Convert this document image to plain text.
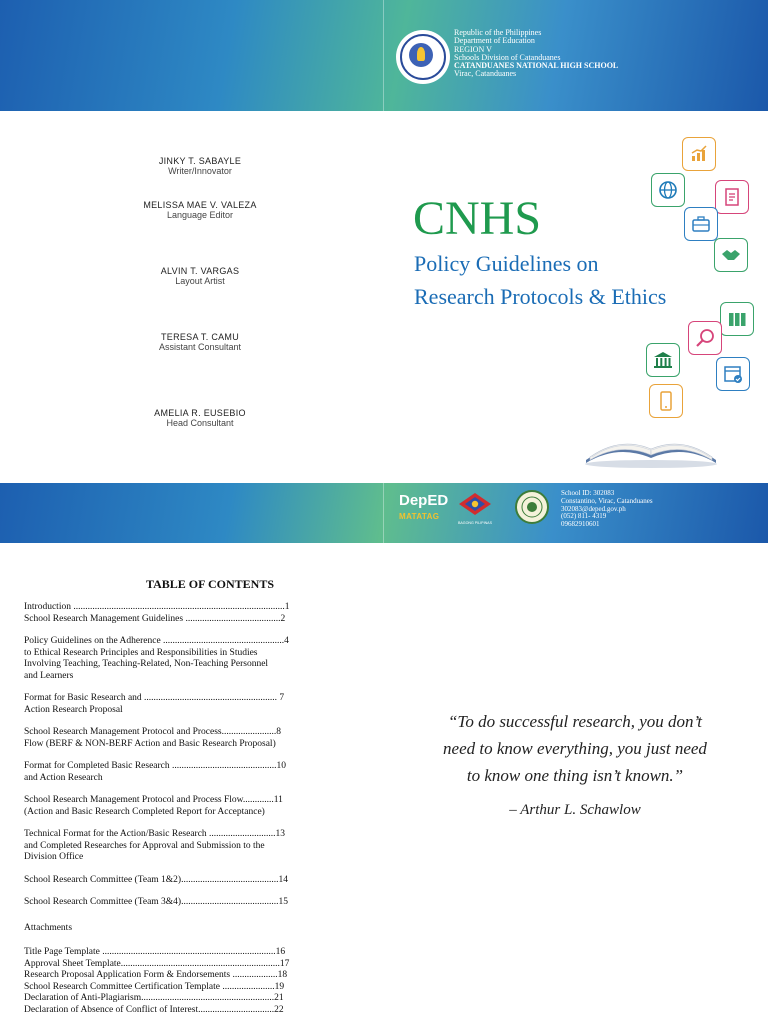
Republic of the Philippines
Department of Education
REGION V
Schools Division of Catanduanes
CATANDUANES NATIONAL HIGH SCHOOL
Virac, Catanduanes
JINKY T. SABAYLE
Writer/Innovator
MELISSA MAE V. VALEZA
Language Editor
ALVIN T. VARGAS
Layout Artist
TERESA T. CAMU
Assistant Consultant
AMELIA R. EUSEBIO
Head Consultant
CNHS
Policy Guidelines on
Research Protocols & Ethics
DepED
MATATAG
BAGONG PILIPINAS
School ID: 302083
Constantino, Virac, Catanduanes
302083@deped.gov.ph
(052) 811- 4319
09682910601
TABLE OF CONTENTS
Introduction .........................................................................................1
School Research Management Guidelines ........................................2
Policy Guidelines on the Adherence ...................................................4
to Ethical Research Principles and Responsibilities in Studies
Involving Teaching, Teaching-Related, Non-Teaching Personnel
and Learners
Format for Basic Research and ........................................................ 7
Action Research Proposal
School Research Management Protocol and Process.......................8
Flow (BERF & NON-BERF Action and Basic Research Proposal)
Format for Completed Basic Research ............................................10
and Action Research
School Research Management Protocol and Process Flow.............11
(Action and Basic Research Completed Report for Acceptance)
Technical Format for the Action/Basic Research ............................13
and Completed Researches for Approval and Submission to the
Division Office
School Research Committee (Team 1&2).........................................14
School Research Committee (Team 3&4).........................................15
Attachments
Title Page Template .........................................................................16
Approval Sheet Template...................................................................17
Research Proposal Application Form & Endorsements ...................18
School Research Committee Certification Template ......................19
Declaration of Anti-Plagiarism........................................................21
Declaration of Absence of Conflict of Interest................................22
“To do successful research, you don’t
need to know everything, you just need
to know one thing isn’t known.”
– Arthur L. Schawlow
